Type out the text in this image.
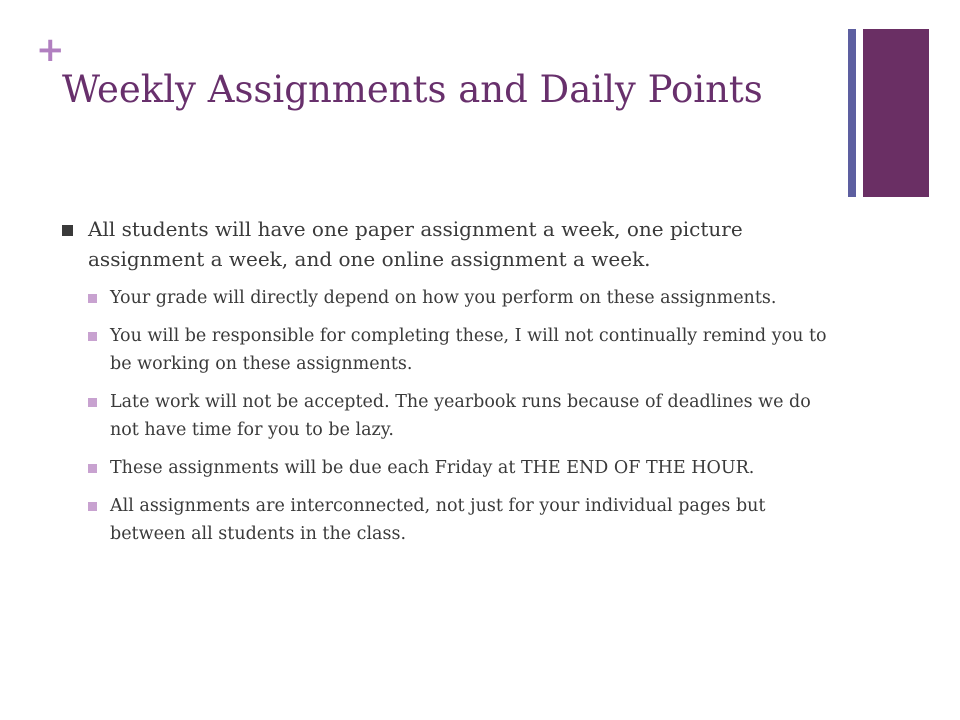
+
Weekly Assignments and Daily Points
All students will have one paper assignment a week, one picture assignment a week, and one online assignment a week.
Your grade will directly depend on how you perform on these assignments.
You will be responsible for completing these, I will not continually remind you to be working on these assignments.
Late work will not be accepted. The yearbook runs because of deadlines we do not have time for you to be lazy.
These assignments will be due each Friday at THE END OF THE HOUR.
All assignments are interconnected, not just for your individual pages but between all students in the class.
